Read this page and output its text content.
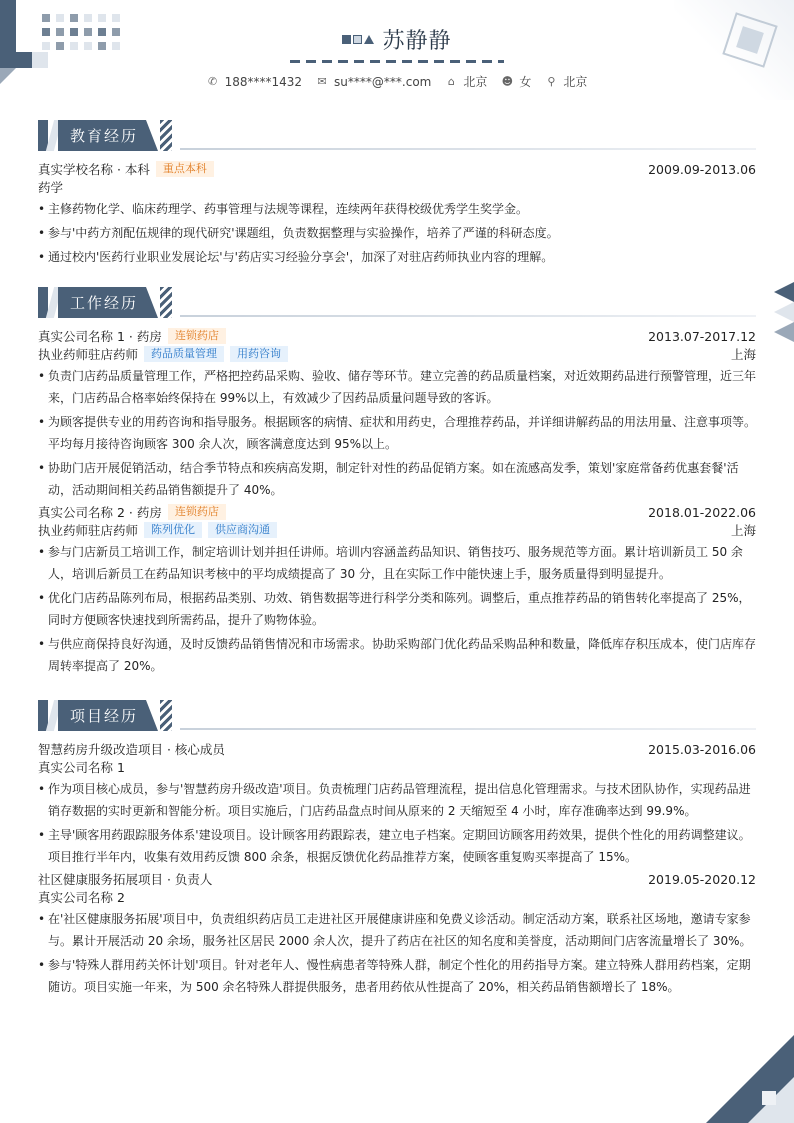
苏静静
✆ 188****1432 ✉ su****@***.com ⌂ 北京 ☻ 女 ⚲ 北京
教育经历
真实学校名称 · 本科	重点本科	2009.09-2013.06
药学
• 主修药物化学、临床药理学、药事管理与法规等课程，连续两年获得校级优秀学生奖学金。
• 参与'中药方剂配伍规律的现代研究'课题组，负责数据整理与实验操作，培养了严谨的科研态度。
• 通过校内'医药行业职业发展论坛'与'药店实习经验分享会'，加深了对驻店药师执业内容的理解。
工作经历
真实公司名称 1 · 药房	连锁药店	2013.07-2017.12
执业药师驻店药师	药品质量管理	用药咨询	上海
• 负责门店药品质量管理工作，严格把控药品采购、验收、储存等环节。建立完善的药品质量档案，对近效期药品进行预警管理，近三年来，门店药品合格率始终保持在 99%以上，有效减少了因药品质量问题导致的客诉。
• 为顾客提供专业的用药咨询和指导服务。根据顾客的病情、症状和用药史，合理推荐药品，并详细讲解药品的用法用量、注意事项等。平均每月接待咨询顾客 300 余人次，顾客满意度达到 95%以上。
• 协助门店开展促销活动，结合季节特点和疾病高发期，制定针对性的药品促销方案。如在流感高发季，策划'家庭常备药优惠套餐'活动，活动期间相关药品销售额提升了 40%。
真实公司名称 2 · 药房	连锁药店	2018.01-2022.06
执业药师驻店药师	陈列优化	供应商沟通	上海
• 参与门店新员工培训工作，制定培训计划并担任讲师。培训内容涵盖药品知识、销售技巧、服务规范等方面。累计培训新员工 50 余人，培训后新员工在药品知识考核中的平均成绩提高了 30 分，且在实际工作中能快速上手，服务质量得到明显提升。
• 优化门店药品陈列布局，根据药品类别、功效、销售数据等进行科学分类和陈列。调整后，重点推荐药品的销售转化率提高了 25%，同时方便顾客快速找到所需药品，提升了购物体验。
• 与供应商保持良好沟通，及时反馈药品销售情况和市场需求。协助采购部门优化药品采购品种和数量，降低库存积压成本，使门店库存周转率提高了 20%。
项目经历
智慧药房升级改造项目 · 核心成员	2015.03-2016.06
真实公司名称 1
• 作为项目核心成员，参与'智慧药房升级改造'项目。负责梳理门店药品管理流程，提出信息化管理需求。与技术团队协作，实现药品进销存数据的实时更新和智能分析。项目实施后，门店药品盘点时间从原来的 2 天缩短至 4 小时，库存准确率达到 99.9%。
• 主导'顾客用药跟踪服务体系'建设项目。设计顾客用药跟踪表，建立电子档案。定期回访顾客用药效果，提供个性化的用药调整建议。项目推行半年内，收集有效用药反馈 800 余条，根据反馈优化药品推荐方案，使顾客重复购买率提高了 15%。
社区健康服务拓展项目 · 负责人	2019.05-2020.12
真实公司名称 2
• 在'社区健康服务拓展'项目中，负责组织药店员工走进社区开展健康讲座和免费义诊活动。制定活动方案，联系社区场地，邀请专家参与。累计开展活动 20 余场，服务社区居民 2000 余人次，提升了药店在社区的知名度和美誉度，活动期间门店客流量增长了 30%。
• 参与'特殊人群用药关怀计划'项目。针对老年人、慢性病患者等特殊人群，制定个性化的用药指导方案。建立特殊人群用药档案，定期随访。项目实施一年来，为 500 余名特殊人群提供服务，患者用药依从性提高了 20%，相关药品销售额增长了 18%。
